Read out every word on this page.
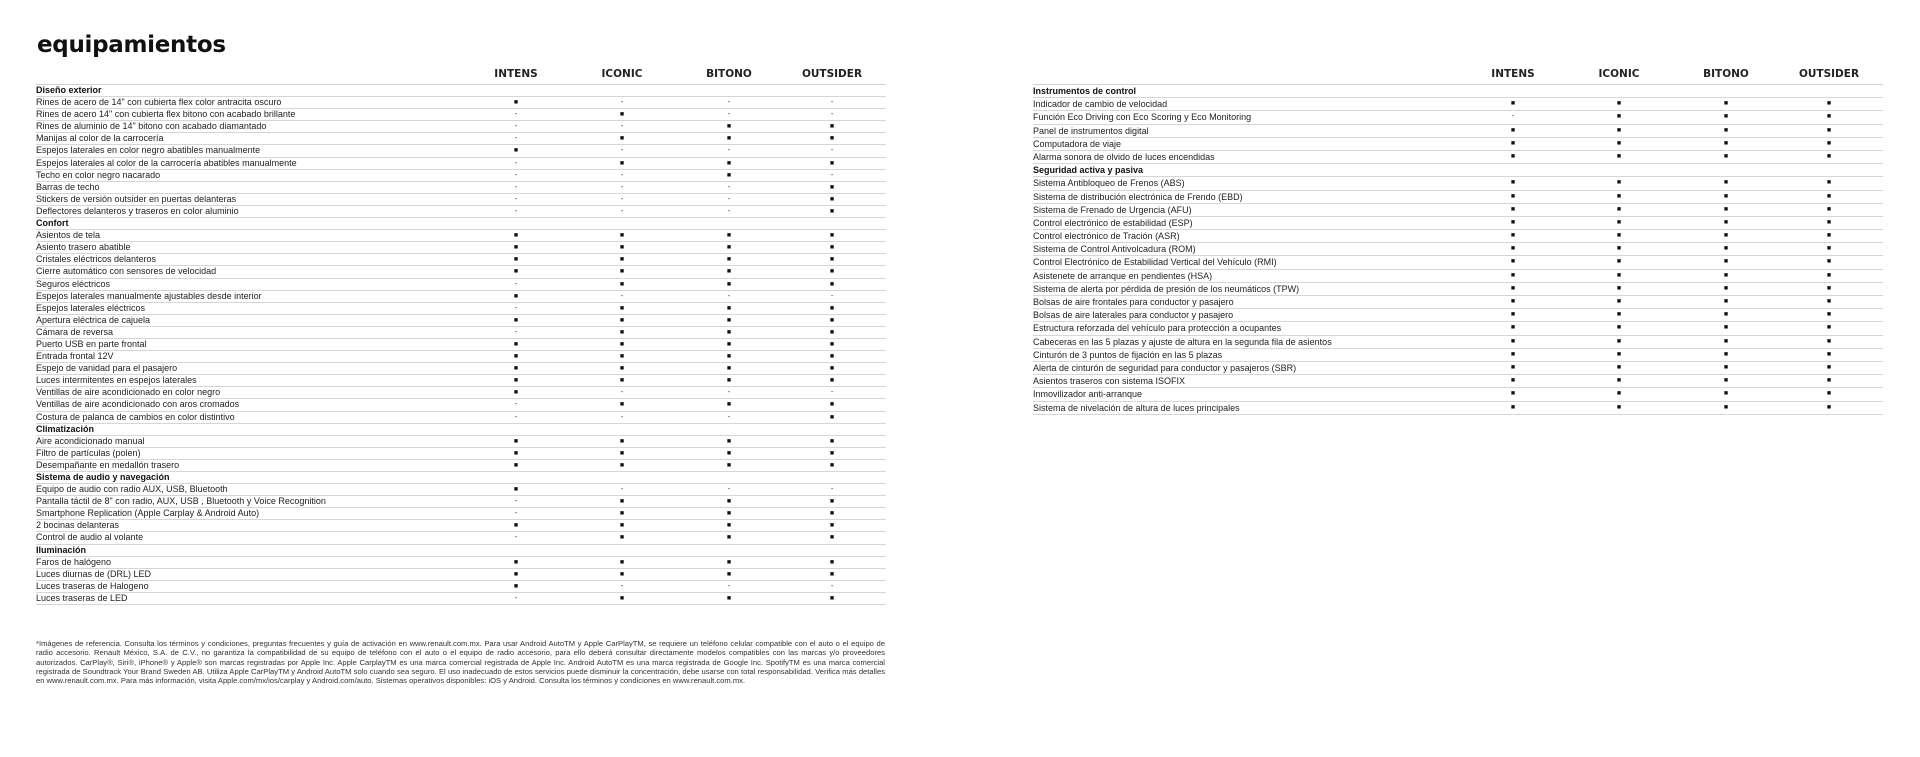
equipamientos
INTENS	ICONIC	BITONO	OUTSIDER
Diseño exterior
Rines de acero de 14" con cubierta flex color antracita oscuro	■	-	-	-
Rines de acero 14" con cubierta flex bitono con acabado brillante	-	■	-	-
Rines de aluminio de 14" bitono con acabado diamantado	-	-	■	■
Manijas al color de la carrocería	-	■	■	■
Espejos laterales en color negro abatibles manualmente	■	-	-	-
Espejos laterales al color de la carrocería abatibles manualmente	-	■	■	■
Techo en color negro nacarado	-	-	■	-
Barras de techo	-	-	-	■
Stickers de versión outsider en puertas delanteras	-	-	-	■
Deflectores delanteros y traseros en color aluminio	-	-	-	■
Confort
Asientos de tela	■	■	■	■
Asiento trasero abatible	■	■	■	■
Cristales eléctricos delanteros	■	■	■	■
Cierre automático con sensores de velocidad	■	■	■	■
Seguros eléctricos	-	■	■	■
Espejos laterales manualmente ajustables desde interior	■	-	-	-
Espejos laterales eléctricos	-	■	■	■
Apertura eléctrica de cajuela	■	■	■	■
Cámara de reversa	-	■	■	■
Puerto USB en parte frontal	■	■	■	■
Entrada frontal 12V	■	■	■	■
Espejo de vanidad para el pasajero	■	■	■	■
Luces intermitentes en espejos laterales	■	■	■	■
Ventillas de aire acondicionado en color negro	■	-	-	-
Ventillas de aire acondicionado con aros cromados	-	■	■	■
Costura de palanca de cambios en color distintivo	-	-	-	■
Climatización
Aire acondicionado manual	■	■	■	■
Filtro de partículas (polen)	■	■	■	■
Desempañante en medallón trasero	■	■	■	■
Sistema de audio y navegación
Equipo de audio con radio AUX, USB, Bluetooth	■	-	-	-
Pantalla táctil de 8" con radio, AUX, USB , Bluetooth y Voice Recognition	-	■	■	■
Smartphone Replication (Apple Carplay & Android Auto)	-	■	■	■
2 bocinas delanteras	■	■	■	■
Control de audio al volante	-	■	■	■
Iluminación
Faros de halógeno	■	■	■	■
Luces diurnas de (DRL) LED	■	■	■	■
Luces traseras de Halogeno	■	-	-	-
Luces traseras de LED	-	■	■	■
INTENS	ICONIC	BITONO	OUTSIDER
Instrumentos de control
Indicador de cambio de velocidad	■	■	■	■
Función Eco Driving con Eco Scoring y Eco Monitoring	-	■	■	■
Panel de instrumentos digital	■	■	■	■
Computadora de viaje	■	■	■	■
Alarma sonora de olvido de luces encendidas	■	■	■	■
Seguridad activa y pasiva
Sistema Antibloqueo de Frenos (ABS)	■	■	■	■
Sistema de distribución electrónica de Frendo (EBD)	■	■	■	■
Sistema de Frenado de Urgencia (AFU)	■	■	■	■
Control electrónico de estabilidad (ESP)	■	■	■	■
Control electrónico de Tración (ASR)	■	■	■	■
Sistema de Control Antivolcadura (ROM)	■	■	■	■
Control Electrónico de Estabilidad Vertical del Vehículo (RMI)	■	■	■	■
Asistenete de arranque en pendientes (HSA)	■	■	■	■
Sistema de alerta por pérdida de presión de los neumáticos (TPW)	■	■	■	■
Bolsas de aire frontales para conductor y pasajero	■	■	■	■
Bolsas de aire laterales para conductor y pasajero	■	■	■	■
Estructura reforzada del vehículo para protección a ocupantes	■	■	■	■
Cabeceras en las 5 plazas y ajuste de altura en la segunda fila de asientos	■	■	■	■
Cinturón de 3 puntos de fijación en las 5 plazas	■	■	■	■
Alerta de cinturón de seguridad para conductor y pasajeros (SBR)	■	■	■	■
Asientos traseros con sistema ISOFIX	■	■	■	■
Inmovilizador anti-arranque	■	■	■	■
Sistema de nivelación de altura de luces principales	■	■	■	■

*Imágenes de referencia. Consulta los términos y condiciones, preguntas frecuentes y guía de activación en www.renault.com.mx. Para usar Android AutoTM y Apple CarPlayTM, se requiere un teléfono celular compatible con el auto o el equipo de radio accesorio. Renault México, S.A. de C.V., no garantiza la compatibilidad de su equipo de teléfono con el auto o el equipo de radio accesorio, para ello deberá consultar directamente modelos compatibles con las marcas y/o proveedores autorizados. CarPlay®, Siri®, iPhone® y Apple® son marcas registradas por Apple Inc. Apple CarplayTM es una marca comercial registrada de Apple Inc. Android AutoTM es una marca registrada de Google Inc. SpotifyTM es una marca comercial registrada de Soundtrack Your Brand Sweden AB. Utiliza Apple CarPlayTM y Android AutoTM solo cuando sea seguro. El uso inadecuado de estos servicios puede disminuir la concentración, debe usarse con total responsabilidad. Verifica más detalles en www.renault.com.mx. Para más información, visita Apple.com/mx/ios/carplay y Android.com/auto. Sistemas operativos disponibles: iOS y Android. Consulta los términos y condiciones en www.renault.com.mx.
